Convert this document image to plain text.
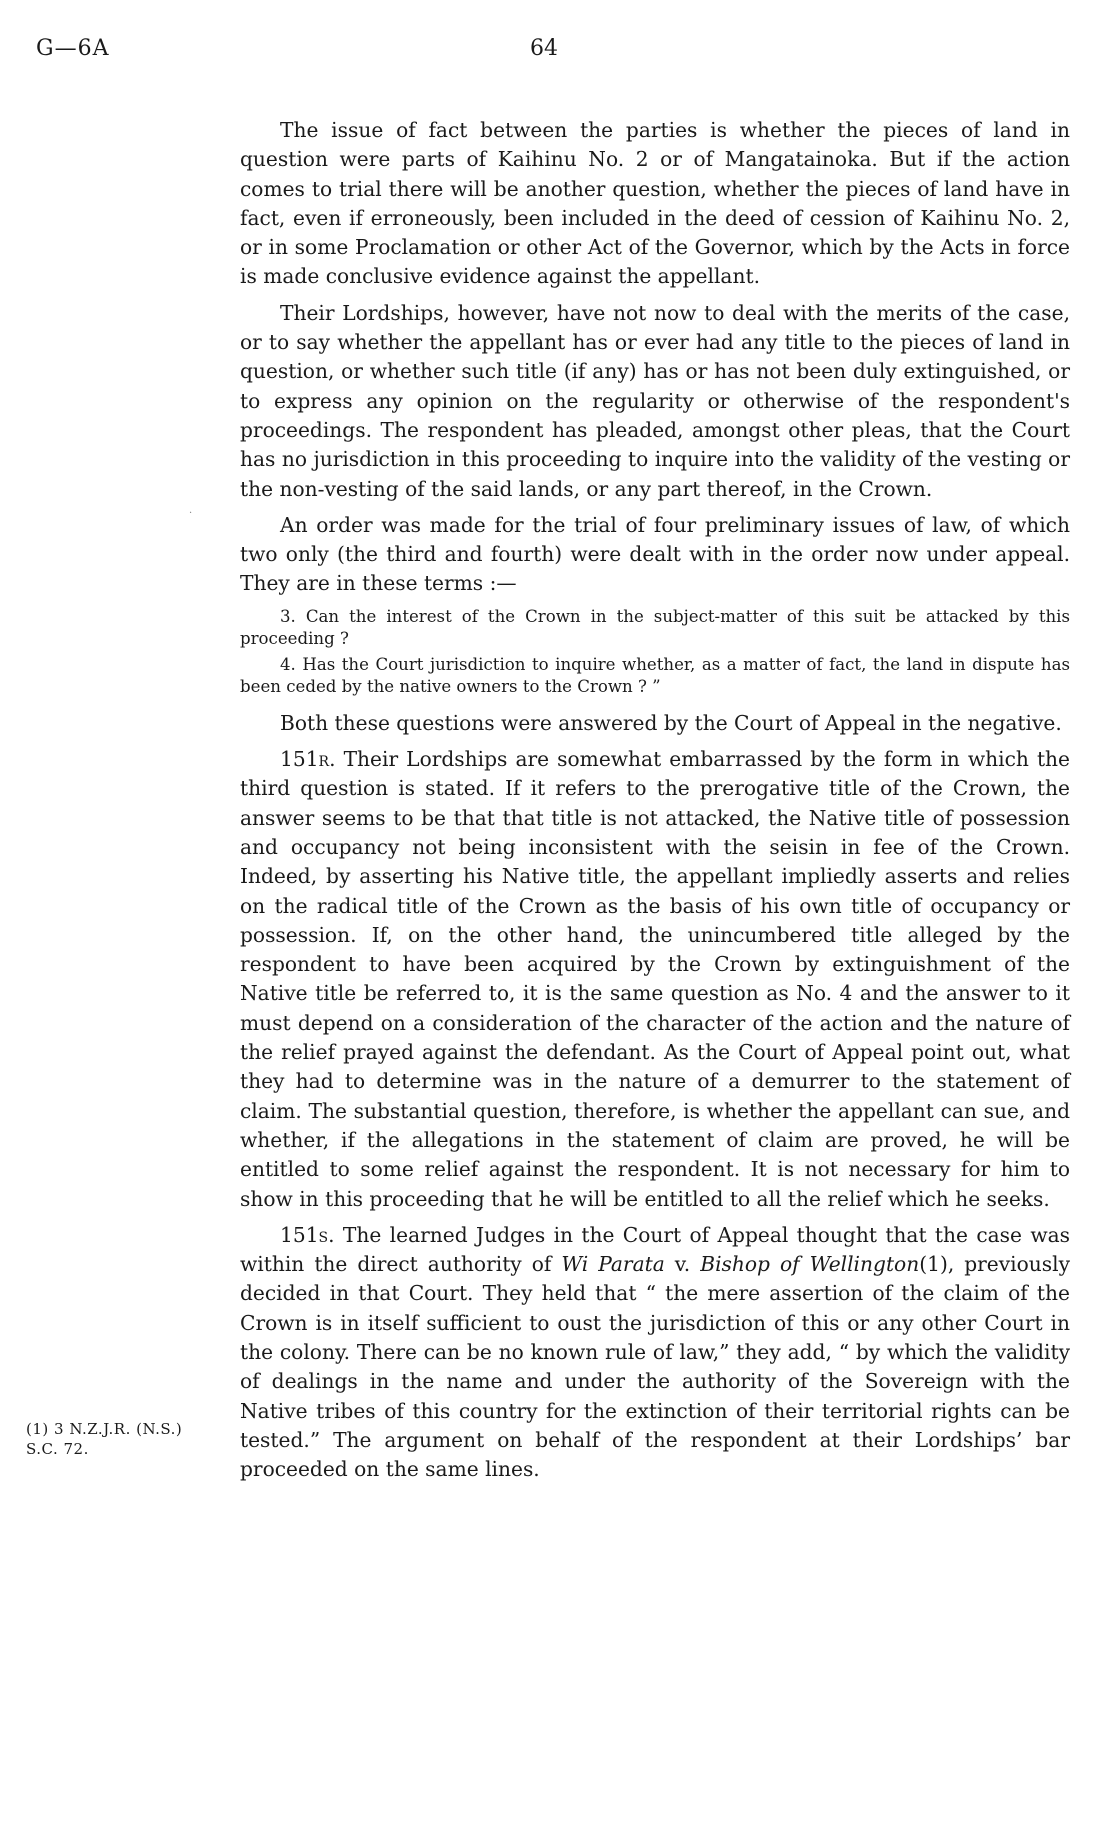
G—6A	64
·
(1) 3 N.Z.J.R. (N.S.)
S.C. 72.

The issue of fact between the parties is whether the pieces of land in question were parts of Kaihinu No. 2 or of Mangatainoka. But if the action comes to trial there will be another question, whether the pieces of land have in fact, even if erroneously, been included in the deed of cession of Kaihinu No. 2, or in some Proclamation or other Act of the Governor, which by the Acts in force is made conclusive evidence against the appellant.

Their Lordships, however, have not now to deal with the merits of the case, or to say whether the appellant has or ever had any title to the pieces of land in question, or whether such title (if any) has or has not been duly extinguished, or to express any opinion on the regularity or otherwise of the respondent's proceedings. The respondent has pleaded, amongst other pleas, that the Court has no jurisdiction in this proceeding to inquire into the validity of the vesting or the non-vesting of the said lands, or any part thereof, in the Crown.

An order was made for the trial of four preliminary issues of law, of which two only (the third and fourth) were dealt with in the order now under appeal. They are in these terms :—

3. Can the interest of the Crown in the subject-matter of this suit be attacked by this proceeding ?

4. Has the Court jurisdiction to inquire whether, as a matter of fact, the land in dispute has been ceded by the native owners to the Crown ? ”

Both these questions were answered by the Court of Appeal in the negative.

151r. Their Lordships are somewhat embarrassed by the form in which the third question is stated. If it refers to the prerogative title of the Crown, the answer seems to be that that title is not attacked, the Native title of possession and occupancy not being inconsistent with the seisin in fee of the Crown. Indeed, by asserting his Native title, the appellant impliedly asserts and relies on the radical title of the Crown as the basis of his own title of occupancy or possession. If, on the other hand, the unincumbered title alleged by the respondent to have been acquired by the Crown by extinguishment of the Native title be referred to, it is the same question as No. 4 and the answer to it must depend on a consideration of the character of the action and the nature of the relief prayed against the defendant. As the Court of Appeal point out, what they had to determine was in the nature of a demurrer to the statement of claim. The substantial question, therefore, is whether the appellant can sue, and whether, if the allegations in the statement of claim are proved, he will be entitled to some relief against the respondent. It is not necessary for him to show in this proceeding that he will be entitled to all the relief which he seeks.

151s. The learned Judges in the Court of Appeal thought that the case was within the direct authority of Wi Parata v. Bishop of Wellington(1), previously decided in that Court. They held that “ the mere assertion of the claim of the Crown is in itself sufficient to oust the jurisdiction of this or any other Court in the colony. There can be no known rule of law,” they add, “ by which the validity of dealings in the name and under the authority of the Sovereign with the Native tribes of this country for the extinction of their territorial rights can be tested.” The argument on behalf of the respondent at their Lordships’ bar proceeded on the same lines.
